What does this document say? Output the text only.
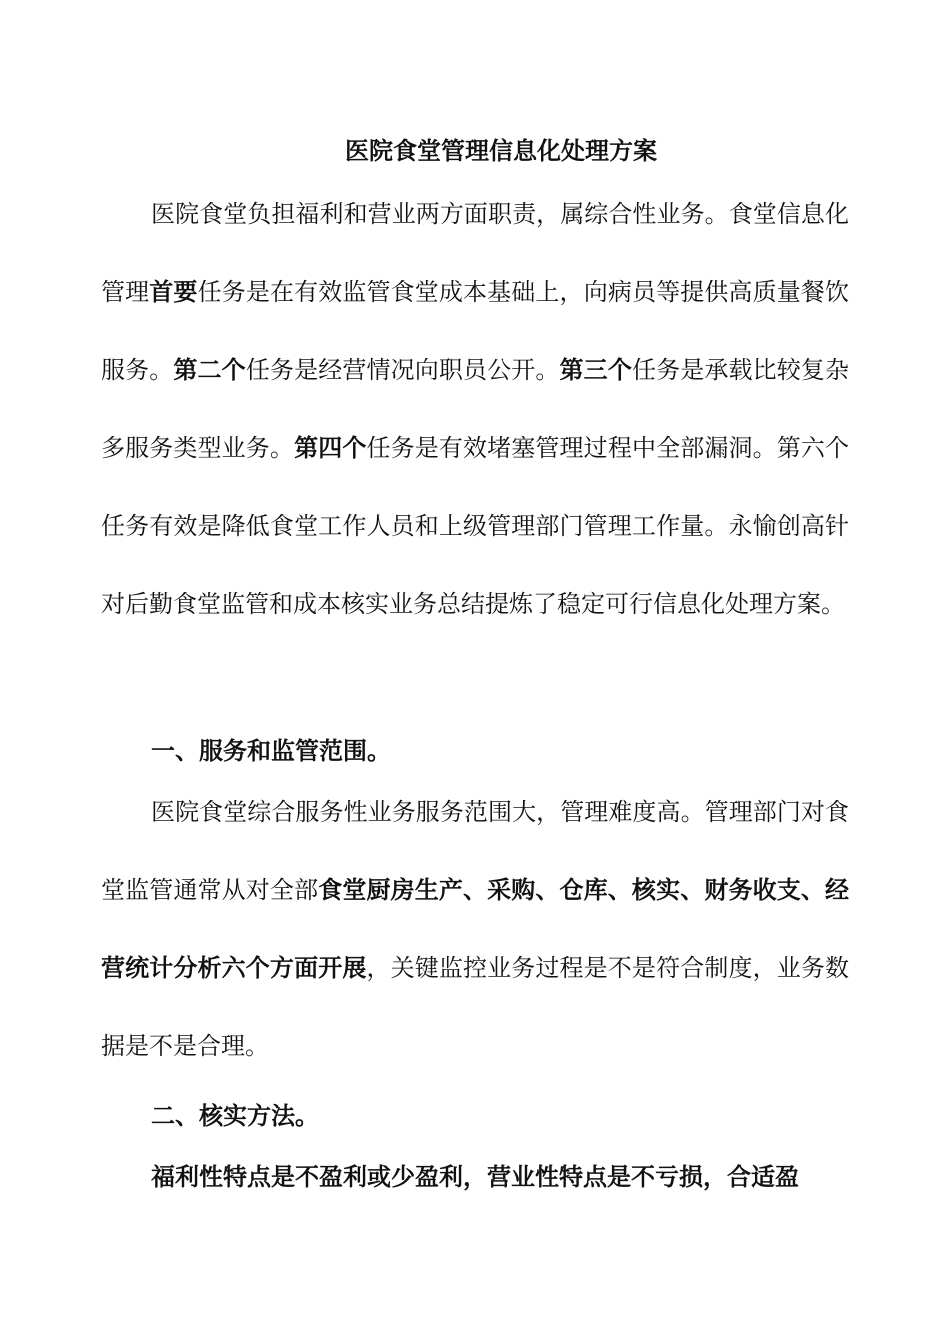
医院食堂管理信息化处理方案

医院食堂负担福利和营业两方面职责，属综合性业务。食堂信息化管理首要任务是在有效监管食堂成本基础上，向病员等提供高质量餐饮服务。第二个任务是经营情况向职员公开。第三个任务是承载比较复杂多服务类型业务。第四个任务是有效堵塞管理过程中全部漏洞。第六个任务有效是降低食堂工作人员和上级管理部门管理工作量。永愉创高针对后勤食堂监管和成本核实业务总结提炼了稳定可行信息化处理方案。

一、服务和监管范围。

医院食堂综合服务性业务服务范围大，管理难度高。管理部门对食堂监管通常从对全部食堂厨房生产、采购、仓库、核实、财务收支、经营统计分析六个方面开展，关键监控业务过程是不是符合制度，业务数据是不是合理。

二、核实方法。

福利性特点是不盈利或少盈利，营业性特点是不亏损，合适盈
